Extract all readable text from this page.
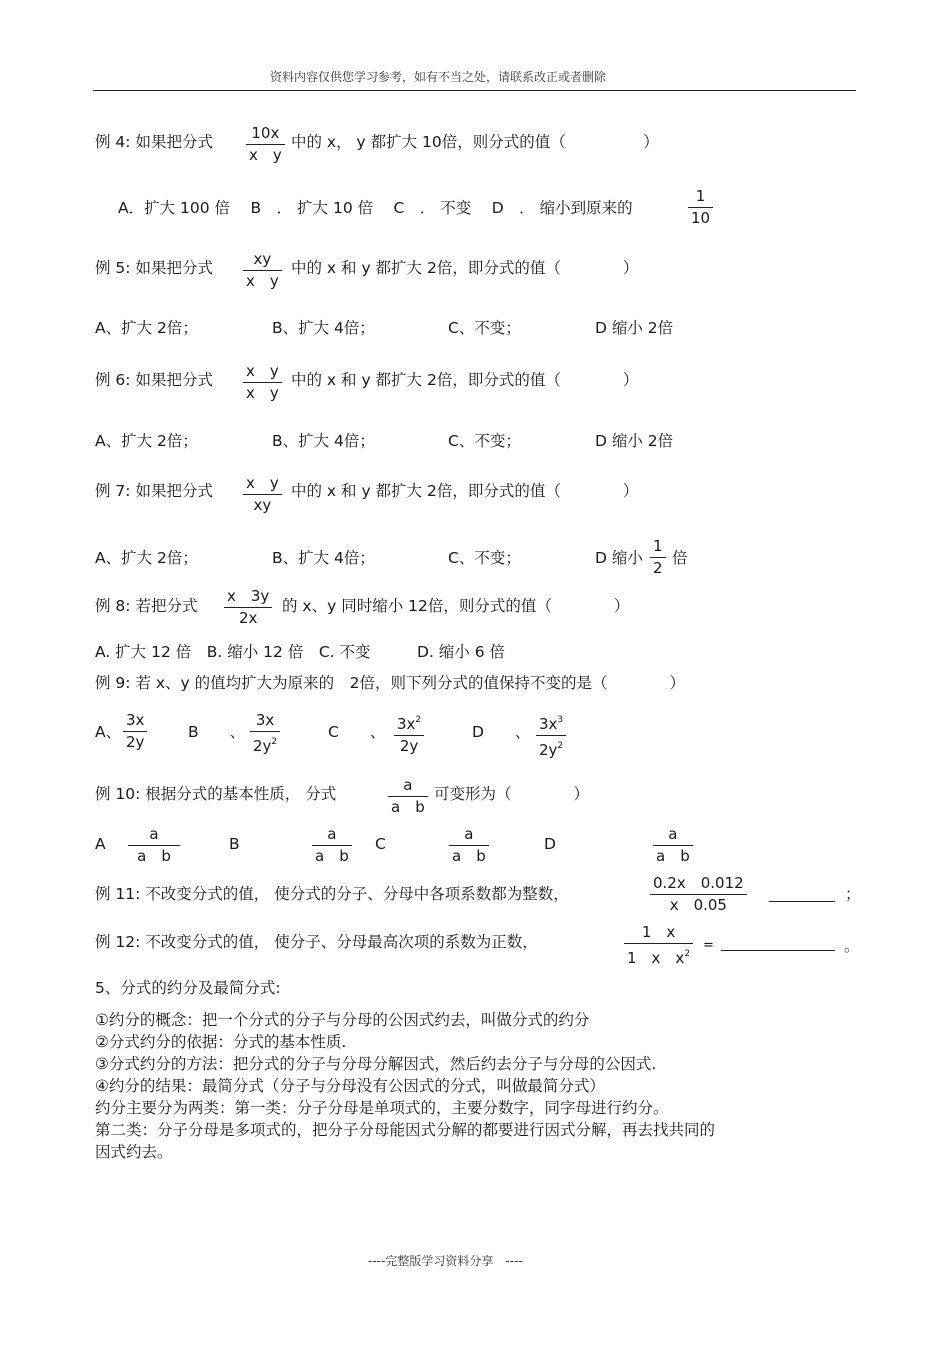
资料内容仅供您学习参考，如有不当之处，请联系改正或者删除
例 4: 如果把分式	10x
x　y
中的 x， y 都扩大 10倍，则分式的值（　　　　　）
A．扩大 100 倍　 B　． 扩大 10 倍　 C　． 不变　 D　． 缩小到原来的
1
10
例 5: 如果把分式	xy
x　y
中的 x 和 y 都扩大 2倍，即分式的值（　　　　）
A、扩大 2倍；	B、扩大 4倍；	C、不变；	D 缩小 2倍
例 6: 如果把分式 x　y
x　y
中的 x 和 y 都扩大 2倍，即分式的值（　　　　）
A、扩大 2倍；	B、扩大 4倍；	C、不变；	D 缩小 2倍
例 7: 如果把分式 x　y
xy
中的 x 和 y 都扩大 2倍，即分式的值（　　　　）
A、扩大 2倍；	B、扩大 4倍；	C、不变；	D 缩小
1
2
倍
例 8: 若把分式
x　3y
2x
的 x、y 同时缩小 12倍，则分式的值（　　　　）
A. 扩大 12 倍　B. 缩小 12 倍　C. 不变　　　D. 缩小 6 倍
例 9: 若 x、y 的值均扩大为原来的　2倍，则下列分式的值保持不变的是（　　　　）
A、
3x
2y
B　　、
3x
$2y^2$
C　　、 $3x^2$
2y
D　　、 $3x^3$
$2y^2$
例 10: 根据分式的基本性质， 分式	a
a　b
可变形为（　　　　）
A
a
a　b
B
a
a　b
C
a
a　b
D
a
a　b
例 11: 不改变分式的值， 使分式的分子、分母中各项系数都为整数，
0.2x　0.012
x　0.05
；
例 12: 不改变分式的值， 使分子、分母最高次项的系数为正数，
1　x
1　x　$x^2$
=	。
5、分式的约分及最简分式:
①约分的概念：把一个分式的分子与分母的公因式约去，叫做分式的约分
②分式约分的依据：分式的基本性质.
③分式约分的方法：把分式的分子与分母分解因式，然后约去分子与分母的公因式.
④约分的结果：最简分式（分子与分母没有公因式的分式，叫做最简分式）
约分主要分为两类：第一类：分子分母是单项式的，主要分数字，同字母进行约分。
第二类：分子分母是多项式的，把分子分母能因式分解的都要进行因式分解，再去找共同的
因式约去。
----完整版学习资料分享　----
